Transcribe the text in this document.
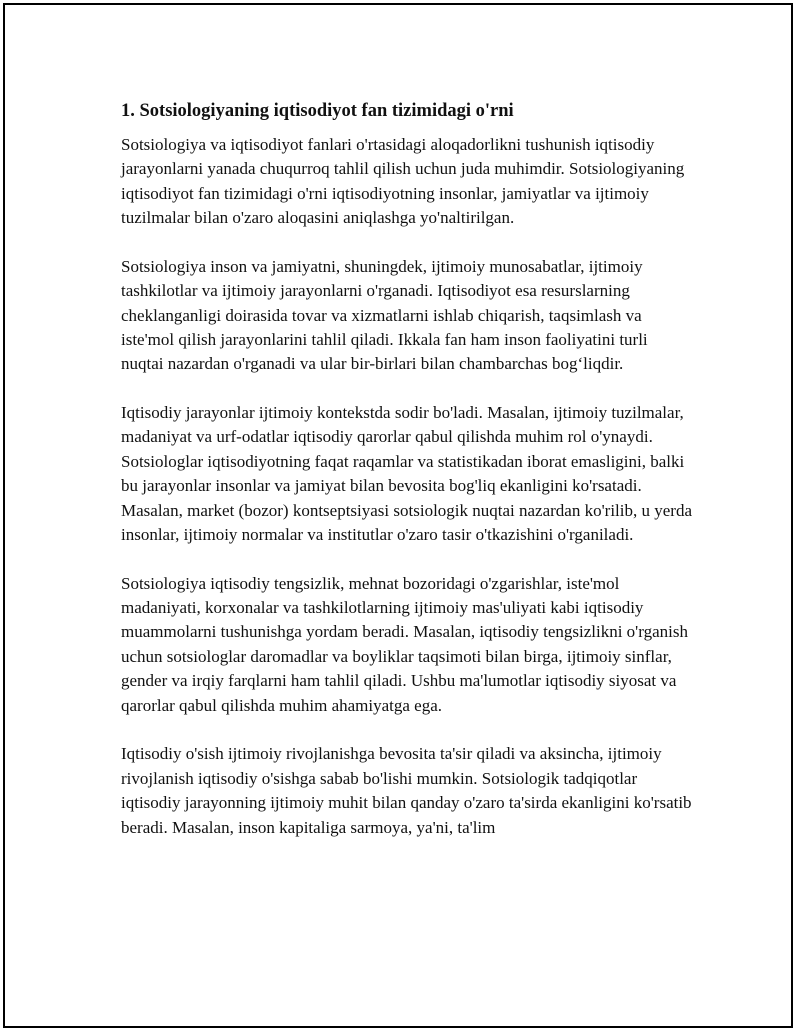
1. Sotsiologiyaning iqtisodiyot fan tizimidagi o'rni

Sotsiologiya va iqtisodiyot fanlari o'rtasidagi aloqadorlikni tushunish iqtisodiy jarayonlarni yanada chuqurroq tahlil qilish uchun juda muhimdir. Sotsiologiyaning iqtisodiyot fan tizimidagi o'rni iqtisodiyotning insonlar, jamiyatlar va ijtimoiy tuzilmalar bilan o'zaro aloqasini aniqlashga yo'naltirilgan.

Sotsiologiya inson va jamiyatni, shuningdek, ijtimoiy munosabatlar, ijtimoiy tashkilotlar va ijtimoiy jarayonlarni o'rganadi. Iqtisodiyot esa resurslarning cheklanganligi doirasida tovar va xizmatlarni ishlab chiqarish, taqsimlash va iste'mol qilish jarayonlarini tahlil qiladi. Ikkala fan ham inson faoliyatini turli nuqtai nazardan o'rganadi va ular bir-birlari bilan chambarchas bog‘liqdir.

Iqtisodiy jarayonlar ijtimoiy kontekstda sodir bo'ladi. Masalan, ijtimoiy tuzilmalar, madaniyat va urf-odatlar iqtisodiy qarorlar qabul qilishda muhim rol o'ynaydi. Sotsiologlar iqtisodiyotning faqat raqamlar va statistikadan iborat emasligini, balki bu jarayonlar insonlar va jamiyat bilan bevosita bog'liq ekanligini ko'rsatadi. Masalan, market (bozor) kontseptsiyasi sotsiologik nuqtai nazardan ko'rilib, u yerda insonlar, ijtimoiy normalar va institutlar o'zaro tasir o'tkazishini o'rganiladi.

Sotsiologiya iqtisodiy tengsizlik, mehnat bozoridagi o'zgarishlar, iste'mol madaniyati, korxonalar va tashkilotlarning ijtimoiy mas'uliyati kabi iqtisodiy muammolarni tushunishga yordam beradi. Masalan, iqtisodiy tengsizlikni o'rganish uchun sotsiologlar daromadlar va boyliklar taqsimoti bilan birga, ijtimoiy sinflar, gender va irqiy farqlarni ham tahlil qiladi. Ushbu ma'lumotlar iqtisodiy siyosat va qarorlar qabul qilishda muhim ahamiyatga ega.

Iqtisodiy o'sish ijtimoiy rivojlanishga bevosita ta'sir qiladi va aksincha, ijtimoiy rivojlanish iqtisodiy o'sishga sabab bo'lishi mumkin. Sotsiologik tadqiqotlar iqtisodiy jarayonning ijtimoiy muhit bilan qanday o'zaro ta'sirda ekanligini ko'rsatib beradi. Masalan, inson kapitaliga sarmoya, ya'ni, ta'lim
